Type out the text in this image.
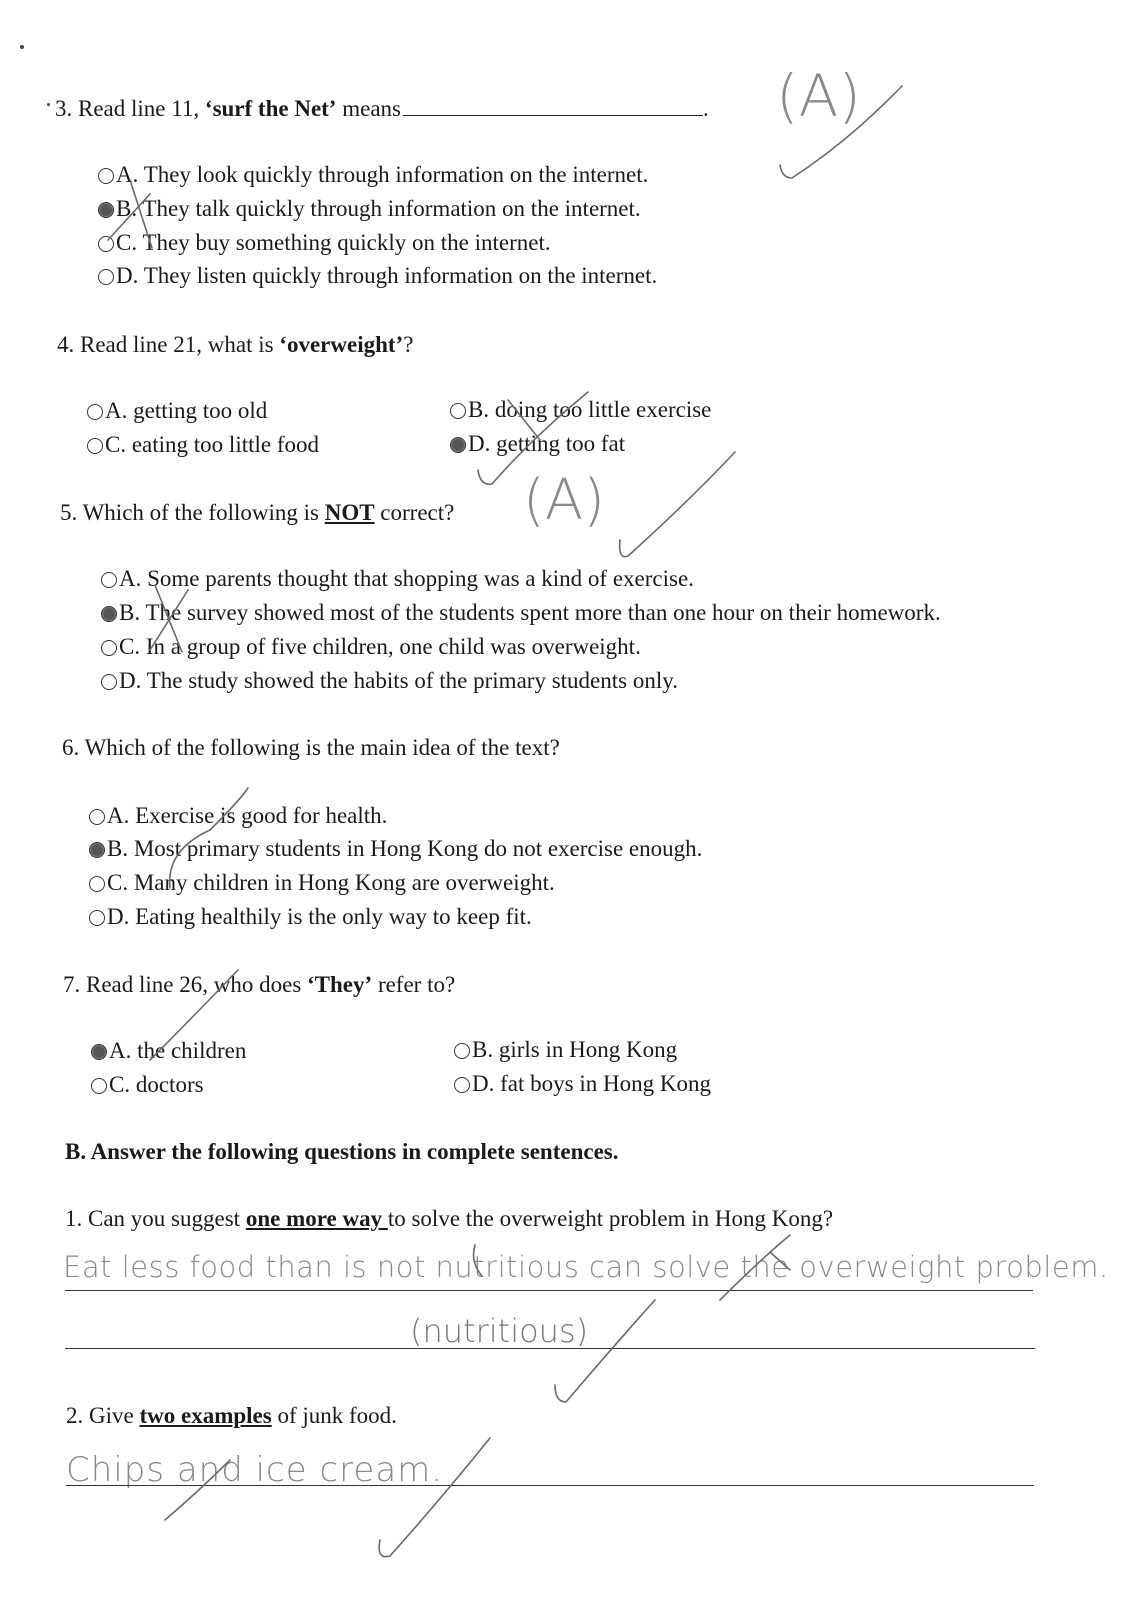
3. Read line 11, ‘surf the Net’ means	.
A. They look quickly through information on the internet.
B. They talk quickly through information on the internet.
C. They buy something quickly on the internet.
D. They listen quickly through information on the internet.
4. Read line 21, what is ‘overweight’?
A. getting too old	B. doing too little exercise
C. eating too little food	D. getting too fat
5. Which of the following is NOT correct?
A. Some parents thought that shopping was a kind of exercise.
B. The survey showed most of the students spent more than one hour on their homework.
C. In a group of five children, one child was overweight.
D. The study showed the habits of the primary students only.
6. Which of the following is the main idea of the text?
A. Exercise is good for health.
B. Most primary students in Hong Kong do not exercise enough.
C. Many children in Hong Kong are overweight.
D. Eating healthily is the only way to keep fit.
7. Read line 26, who does ‘They’ refer to?
A. the children	B. girls in Hong Kong
C. doctors	D. fat boys in Hong Kong
B. Answer the following questions in complete sentences.
1. Can you suggest one more way to solve the overweight problem in Hong Kong?
Eat less food than is not nutritious can solve the overweight problem.
(nutritious)
2. Give two examples of junk food.
Chips and ice cream.
(A)
(A)
